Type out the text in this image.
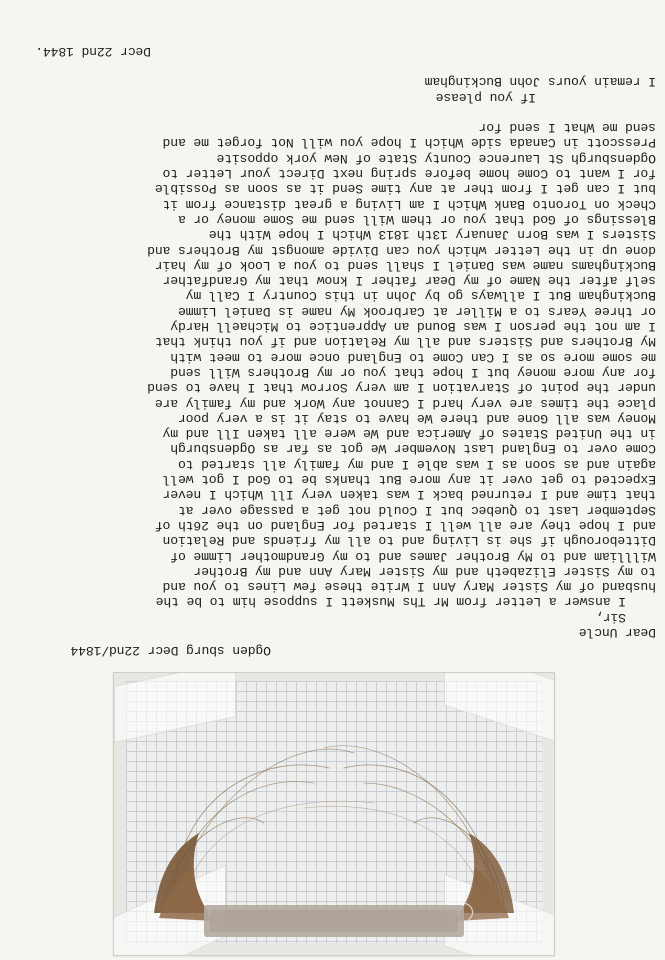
Ogden sburg Decr 22nd/1844
Dear Uncle
Sir,
I answer a Letter from Mr Ths Muskett I suppose him to be the
husband of my Sister Mary Ann I Write these few Lines to you and
to my Sister Elizabeth and my Sister Mary Ann and my Brother
Willliam and to My Brother James and to my Grandmother Limme of
Ditteborough if she is Living and to all my friends and Relation
and I hope they are all well I started for England on the 26th of
September Last to Quebec but I Could not get a passage over at
that time and I returned back I was taken very Ill Which I never
Expected to get over it any more But thanks be to God I got well
again and as soon as I was able I and my family all started to
Come over to England Last November We got as far as Ogdensburgh
in the United States of America and We were all taken Ill and my
Money was all Gone and there We have to stay it is a very poor
place the times are very hard I Cannot any Work and my family are
under the point of Starvation I am very Sorrow that I have to send
for any more money but I hope that you or my Brothers Will send
me some more so as I Can Come to England once more to meet with
My Brothers and Sisters and all my Relation and if you think that
I am not the person I was Bound an Apprentice to Michaell Hardy
or three Years to a Miller at Carbrook My name is Daniel Limme
Buckingham But I allways go by John in this Country I Call my
self after the Name of my Dear father I know that my Grandfather
Buckinghams name was Daniel I shall send to you a Look of my hair
done up in the Letter which you can Divide amongst my Brothers and
Sisters I was Born January 13th 1813 Which I hope With the
Blessings of God that you or them Will send me Some money or a
Check on Toronto Bank Which I am Living a great distance from it
but I can get I from ther at any time Send it as soon as Possible
for I want to Come home before spring next Direct your Letter to
Ogdensburgh St Laurence County State of New york opposite
Presscott in Canada side Which I hope you will Not forget me and
send me What I send for
If you please
I remain yours John Buckingham
Decr 22nd 1844.
